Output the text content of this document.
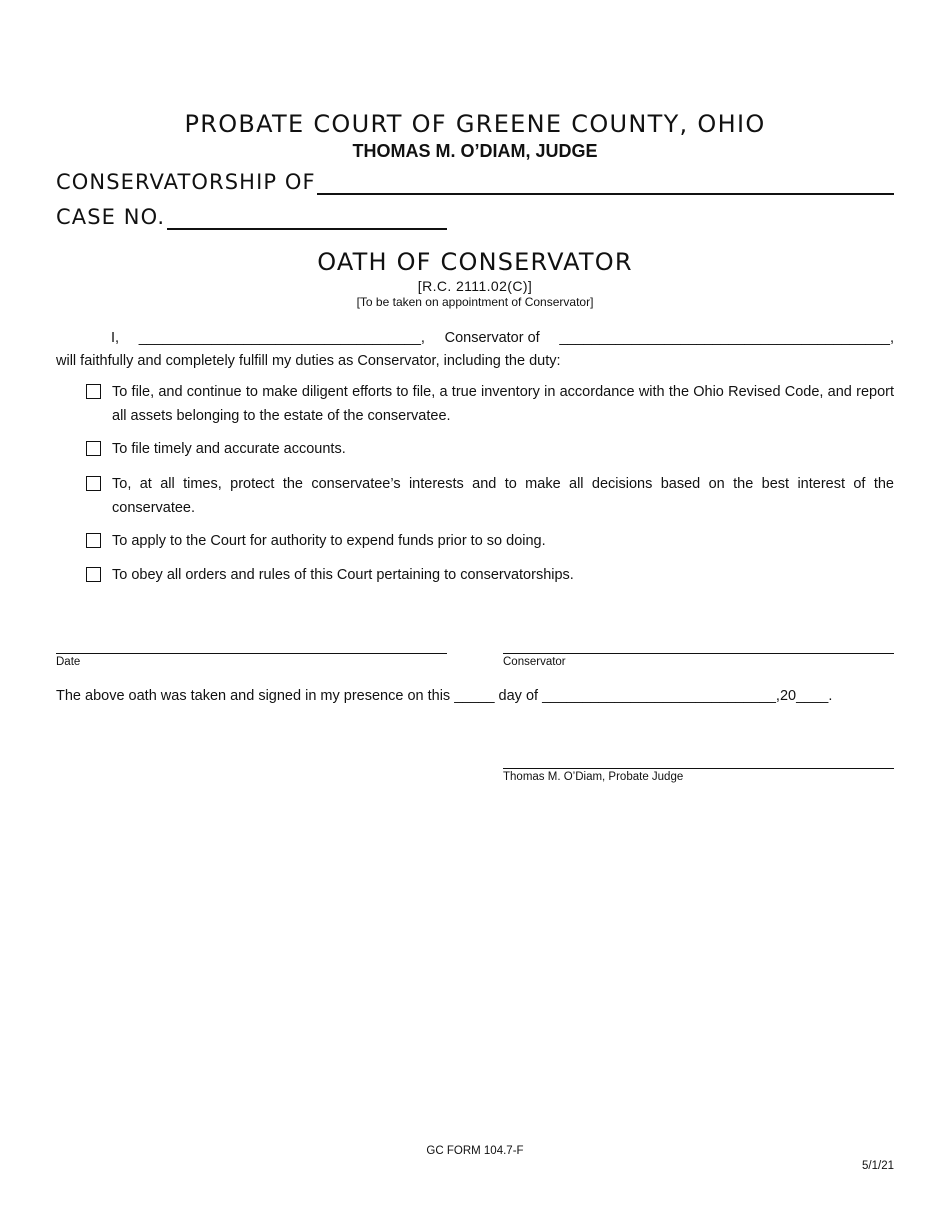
PROBATE COURT OF GREENE COUNTY, OHIO
THOMAS M. O’DIAM, JUDGE
CONSERVATORSHIP OF
CASE NO.
OATH OF CONSERVATOR
[R.C. 2111.02(C)]
[To be taken on appointment of Conservator]
I, ___________________________________, Conservator of _________________________________________,
will faithfully and completely fulfill my duties as Conservator, including the duty:
To file, and continue to make diligent efforts to file, a true inventory in accordance with the Ohio Revised Code, and report all assets belonging to the estate of the conservatee.
To file timely and accurate accounts.
To, at all times, protect the conservatee’s interests and to make all decisions based on the best interest of the conservatee.
To apply to the Court for authority to expend funds prior to so doing.
To obey all orders and rules of this Court pertaining to conservatorships.
Date	Conservator
The above oath was taken and signed in my presence on this _____ day of _____________________________,20____.
Thomas M. O’Diam, Probate Judge
GC FORM 104.7-F
5/1/21
